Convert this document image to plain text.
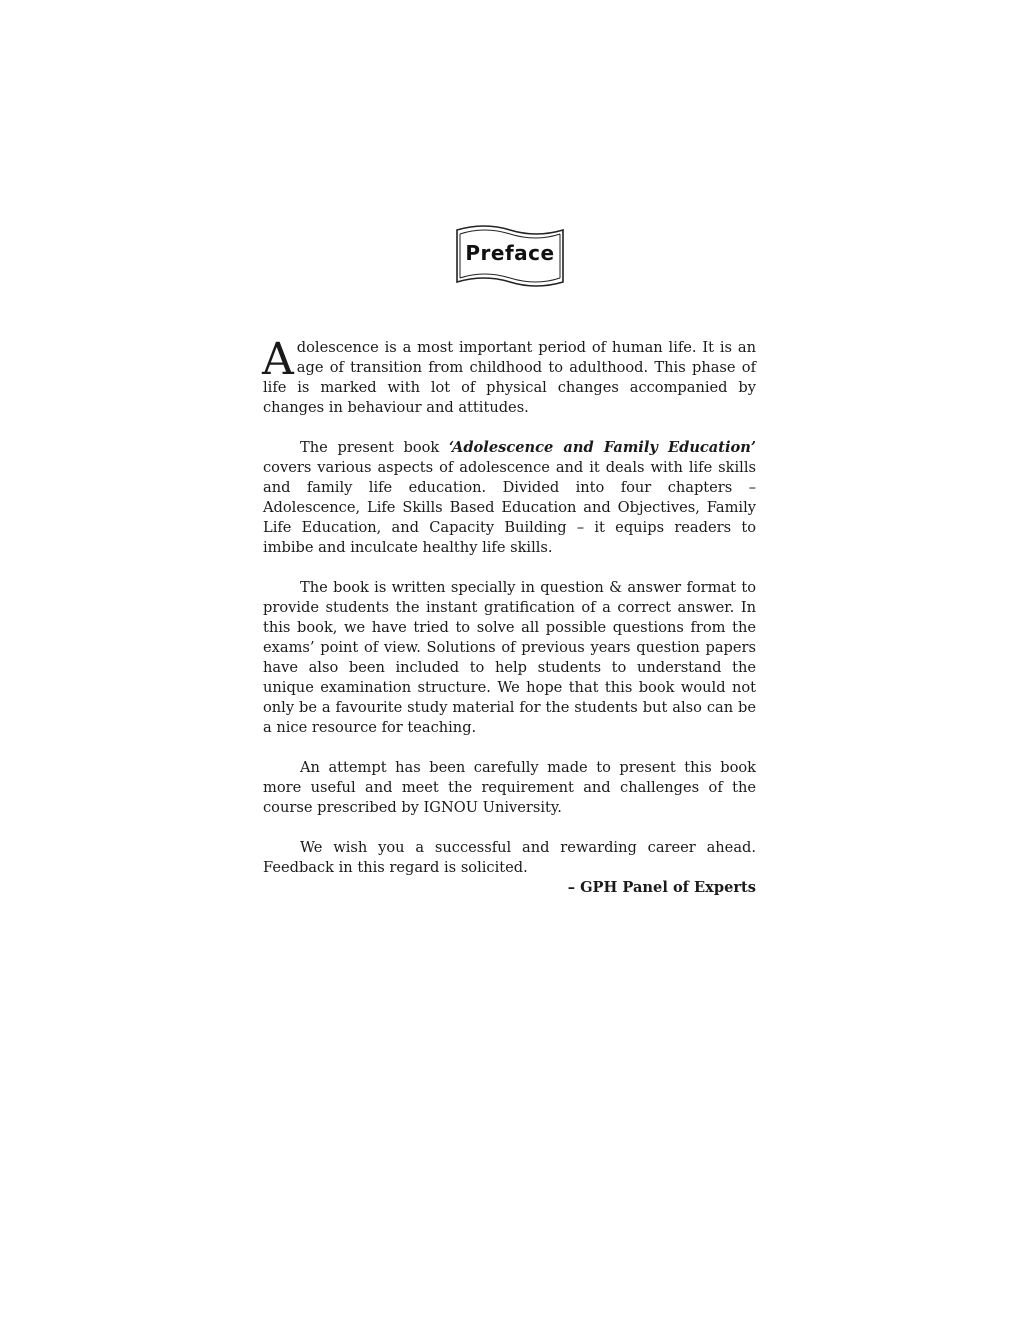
Preface

Adolescence is a most important period of human life. It is an age of transition from childhood to adulthood. This phase of life is marked with lot of physical changes accompanied by changes in behaviour and attitudes.

The present book ‘Adolescence and Family Education’ covers various aspects of adolescence and it deals with life skills and family life education. Divided into four chapters – Adolescence, Life Skills Based Education and Objectives, Family Life Education, and Capacity Building – it equips readers to imbibe and inculcate healthy life skills.

The book is written specially in question & answer format to provide students the instant gratification of a correct answer. In this book, we have tried to solve all possible questions from the exams’ point of view. Solutions of previous years question papers have also been included to help students to understand the unique examination structure. We hope that this book would not only be a favourite study material for the students but also can be a nice resource for teaching.

An attempt has been carefully made to present this book more useful and meet the requirement and challenges of the course prescribed by IGNOU University.

We wish you a successful and rewarding career ahead. Feedback in this regard is solicited.

– GPH Panel of Experts
